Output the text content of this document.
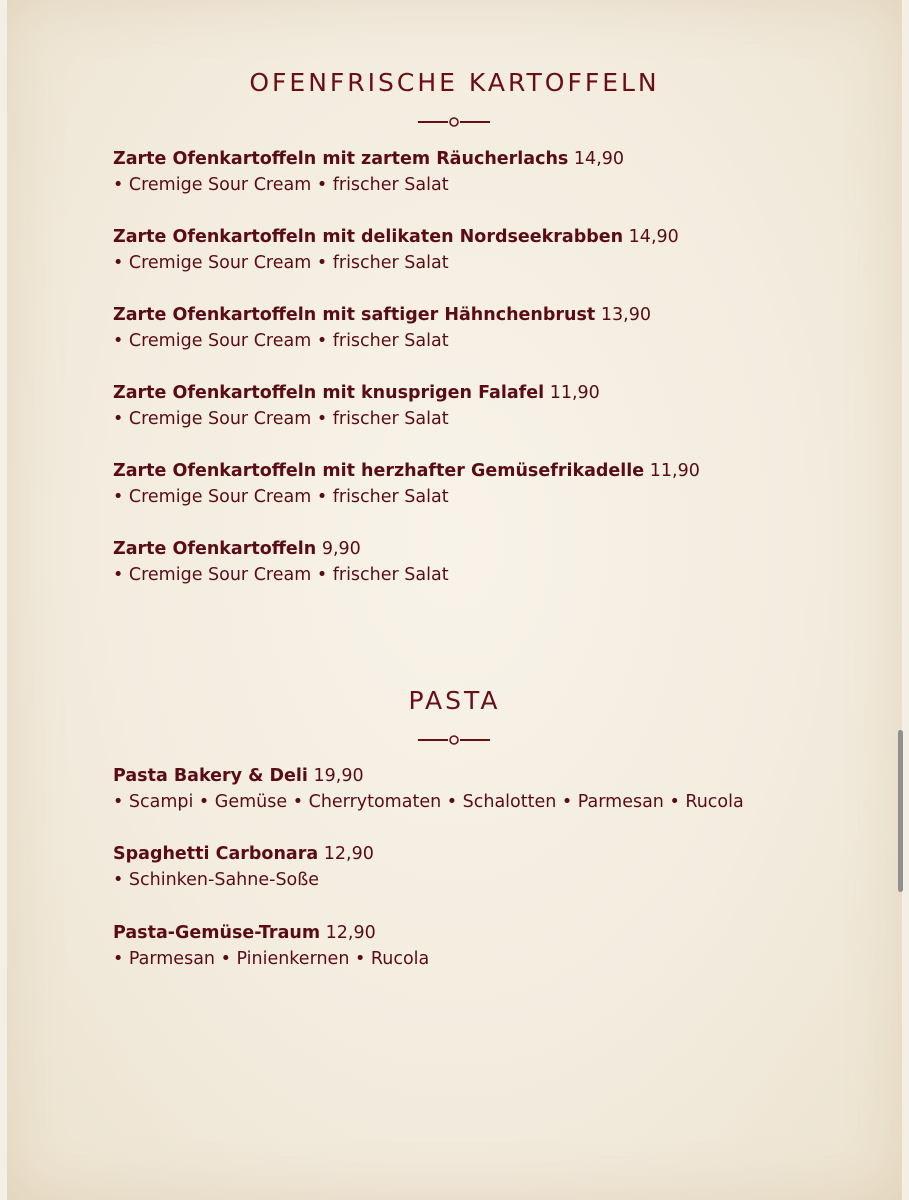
OFENFRISCHE KARTOFFELN
Zarte Ofenkartoffeln mit zartem Räucherlachs 14,90
• Cremige Sour Cream • frischer Salat
Zarte Ofenkartoffeln mit delikaten Nordseekrabben 14,90
• Cremige Sour Cream • frischer Salat
Zarte Ofenkartoffeln mit saftiger Hähnchenbrust 13,90
• Cremige Sour Cream • frischer Salat
Zarte Ofenkartoffeln mit knusprigen Falafel 11,90
• Cremige Sour Cream • frischer Salat
Zarte Ofenkartoffeln mit herzhafter Gemüsefrikadelle 11,90
• Cremige Sour Cream • frischer Salat
Zarte Ofenkartoffeln 9,90
• Cremige Sour Cream • frischer Salat
PASTA
Pasta Bakery & Deli 19,90
• Scampi • Gemüse • Cherrytomaten • Schalotten • Parmesan • Rucola
Spaghetti Carbonara 12,90
• Schinken-Sahne-Soße
Pasta-Gemüse-Traum 12,90
• Parmesan • Pinienkernen • Rucola
